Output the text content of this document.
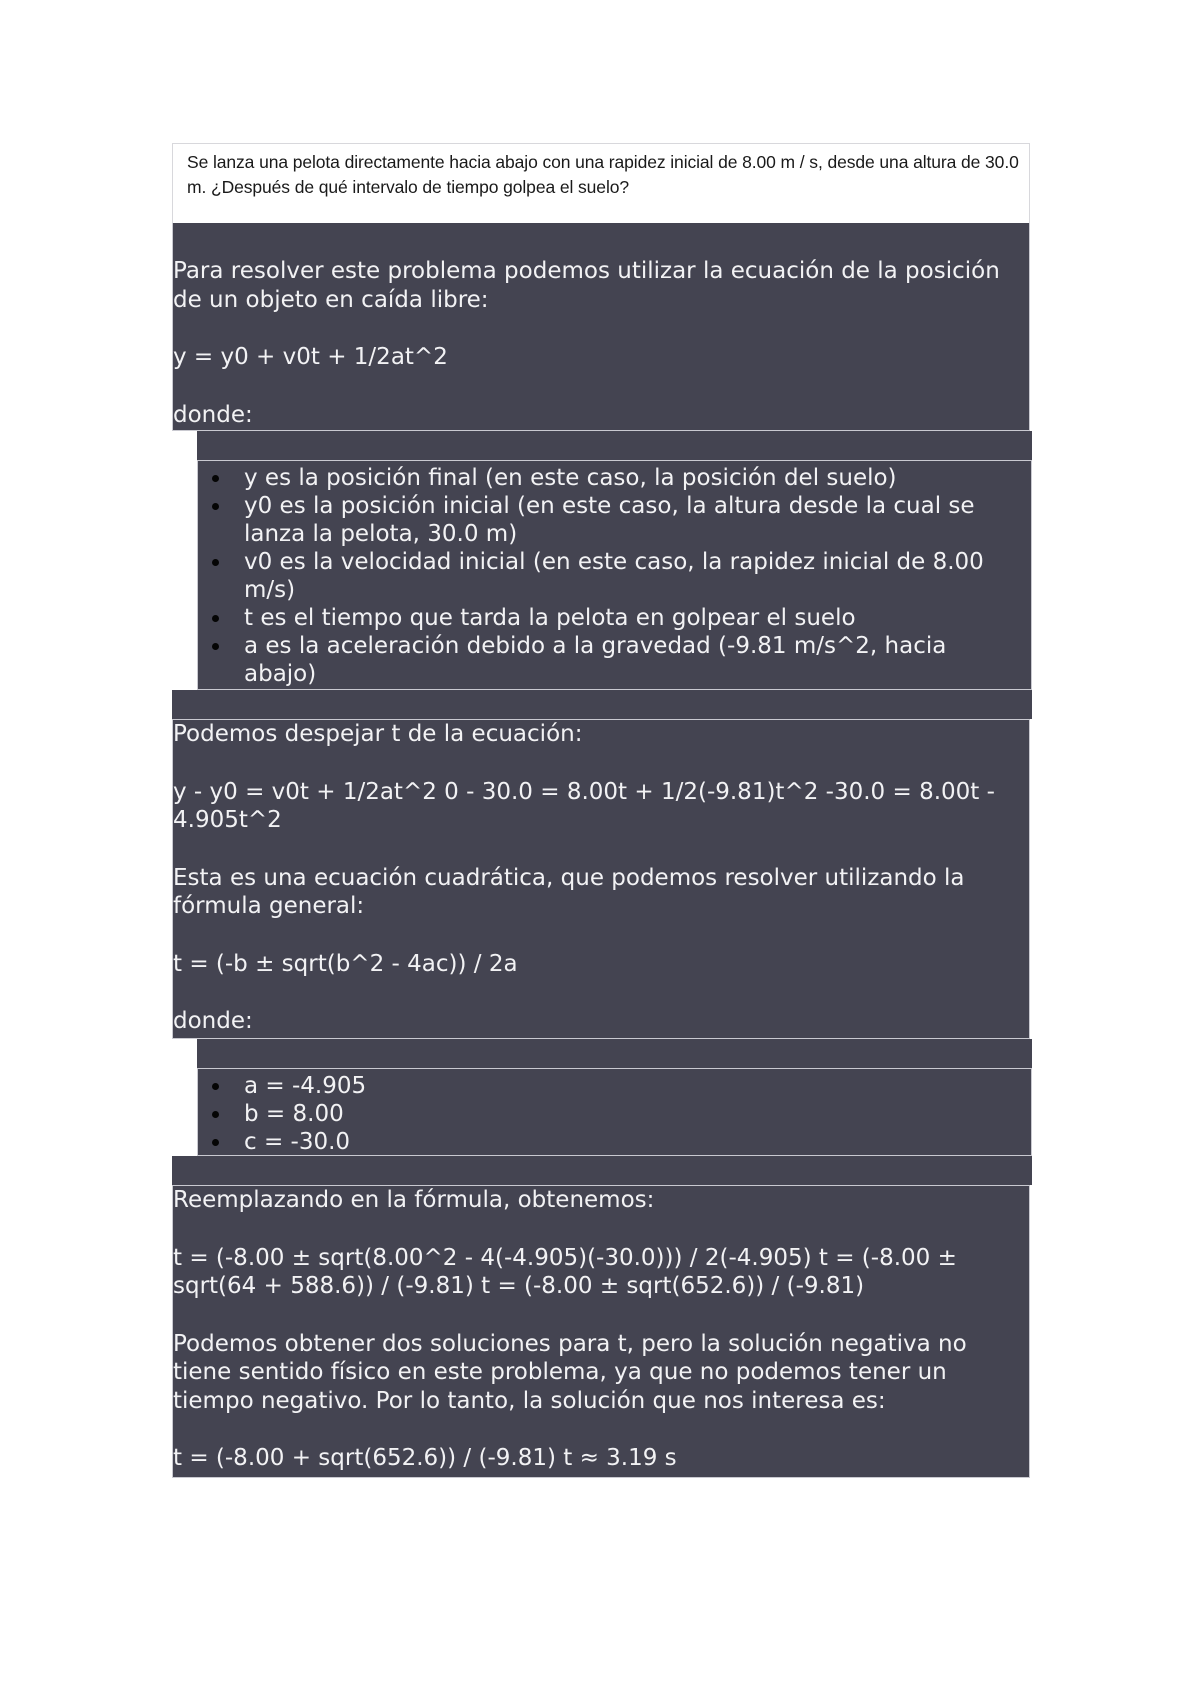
Se lanza una pelota directamente hacia abajo con una rapidez inicial de 8.00 m / s, desde una altura de 30.0 m. ¿Después de qué intervalo de tiempo golpea el suelo?

Para resolver este problema podemos utilizar la ecuación de la posición de un objeto en caída libre:

y = y0 + v0t + 1/2at^2

donde:

y es la posición final (en este caso, la posición del suelo)
y0 es la posición inicial (en este caso, la altura desde la cual se lanza la pelota, 30.0 m)
v0 es la velocidad inicial (en este caso, la rapidez inicial de 8.00 m/s)
t es el tiempo que tarda la pelota en golpear el suelo
a es la aceleración debido a la gravedad (-9.81 m/s^2, hacia abajo)

Podemos despejar t de la ecuación:

y - y0 = v0t + 1/2at^2 0 - 30.0 = 8.00t + 1/2(-9.81)t^2 -30.0 = 8.00t - 4.905t^2

Esta es una ecuación cuadrática, que podemos resolver utilizando la fórmula general:

t = (-b ± sqrt(b^2 - 4ac)) / 2a

donde:

a = -4.905
b = 8.00
c = -30.0

Reemplazando en la fórmula, obtenemos:

t = (-8.00 ± sqrt(8.00^2 - 4(-4.905)(-30.0))) / 2(-4.905) t = (-8.00 ± sqrt(64 + 588.6)) / (-9.81) t = (-8.00 ± sqrt(652.6)) / (-9.81)

Podemos obtener dos soluciones para t, pero la solución negativa no tiene sentido físico en este problema, ya que no podemos tener un tiempo negativo. Por lo tanto, la solución que nos interesa es:

t = (-8.00 + sqrt(652.6)) / (-9.81) t ≈ 3.19 s
